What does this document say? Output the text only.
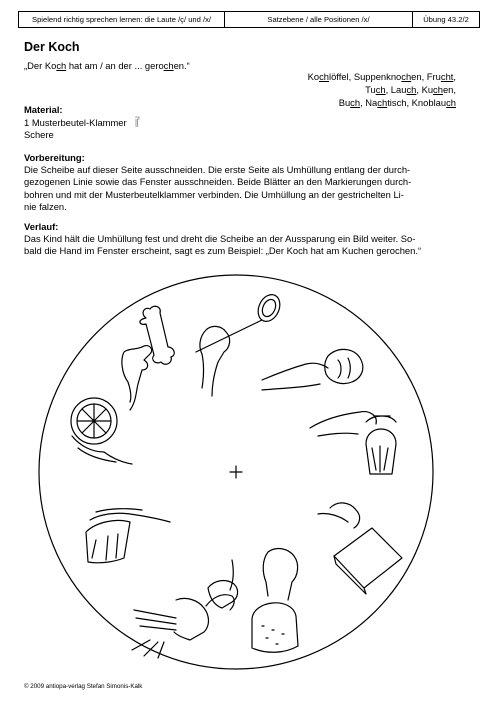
Spielend richtig sprechen lernen: die Laute /ç/ und /x/	Satzebene / alle Positionen /x/	Übung 43.2/2
Der Koch
„Der Koch hat am / an der ... gerochen.“
Kochlöffel, Suppenknochen, Frucht,
Tuch, Lauch, Kuchen,
Buch, Nachtisch, Knoblauch
Material:
1 Musterbeutel-Klammer
Schere
Vorbereitung:
Die Scheibe auf dieser Seite ausschneiden. Die erste Seite als Umhüllung entlang der durch-
gezogenen Linie sowie das Fenster ausschneiden. Beide Blätter an den Markierungen durch-
bohren und mit der Musterbeutelklammer verbinden. Die Umhüllung an der gestrichelten Li-
nie falzen.
Verlauf:
Das Kind hält die Umhüllung fest und dreht die Scheibe an der Aussparung ein Bild weiter. So-
bald die Hand im Fenster erscheint, sagt es zum Beispiel: „Der Koch hat am Kuchen gerochen.“
© 2009 antiopa-verlag Stefan Simonis-Kalk
